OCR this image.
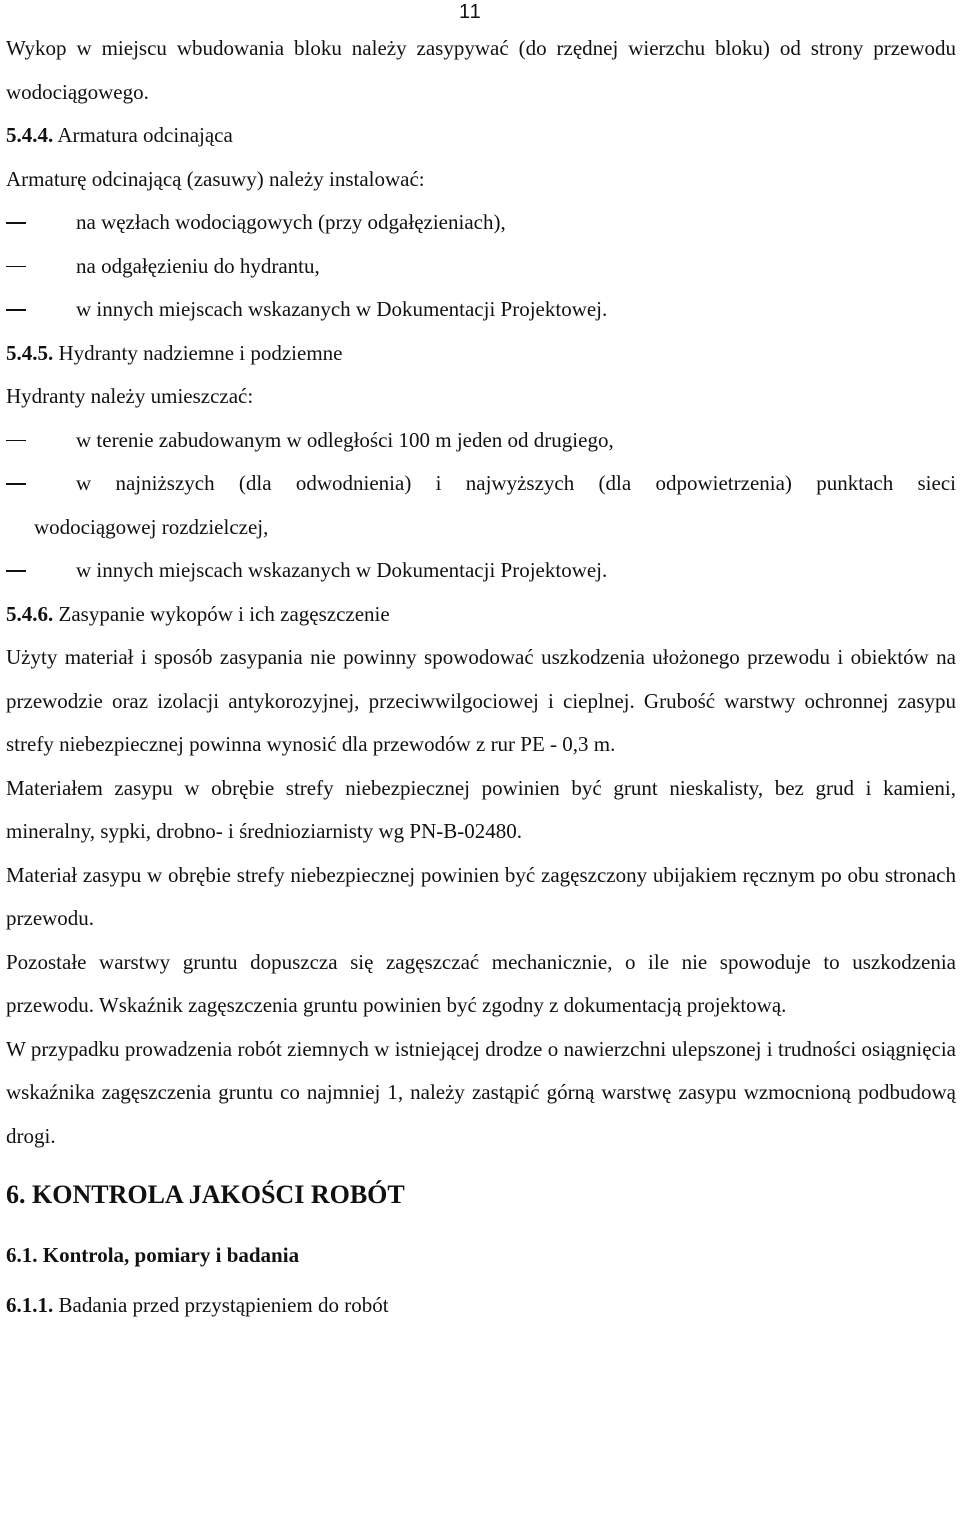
11

Wykop w miejscu wbudowania bloku należy zasypywać (do rzędnej wierzchu bloku) od strony przewodu wodociągowego.

5.4.4. Armatura odcinająca

Armaturę odcinającą (zasuwy) należy instalować:

na węzłach wodociągowych (przy odgałęzieniach),
na odgałęzieniu do hydrantu,
w innych miejscach wskazanych w Dokumentacji Projektowej.

5.4.5. Hydranty nadziemne i podziemne

Hydranty należy umieszczać:

w terenie zabudowanym w odległości 100 m jeden od drugiego,
w najniższych (dla odwodnienia) i najwyższych (dla odpowietrzenia) punktach sieci
wodociągowej rozdzielczej,
w innych miejscach wskazanych w Dokumentacji Projektowej.

5.4.6. Zasypanie wykopów i ich zagęszczenie

Użyty materiał i sposób zasypania nie powinny spowodować uszkodzenia ułożonego przewodu i obiektów na przewodzie oraz izolacji antykorozyjnej, przeciwwilgociowej i cieplnej. Grubość warstwy ochronnej zasypu strefy niebezpiecznej powinna wynosić dla przewodów z rur PE - 0,3 m.

Materiałem zasypu w obrębie strefy niebezpiecznej powinien być grunt nieskalisty, bez grud i kamieni, mineralny, sypki, drobno- i średnioziarnisty wg PN-B-02480.

Materiał zasypu w obrębie strefy niebezpiecznej powinien być zagęszczony ubijakiem ręcznym po obu stronach przewodu.

Pozostałe warstwy gruntu dopuszcza się zagęszczać mechanicznie, o ile nie spowoduje to uszkodzenia przewodu. Wskaźnik zagęszczenia gruntu powinien być zgodny z dokumentacją projektową.

W przypadku prowadzenia robót ziemnych w istniejącej drodze o nawierzchni ulepszonej i trudności osiągnięcia wskaźnika zagęszczenia gruntu co najmniej 1, należy zastąpić górną warstwę zasypu wzmocnioną podbudową drogi.

6. KONTROLA JAKOŚCI ROBÓT

6.1. Kontrola, pomiary i badania

6.1.1. Badania przed przystąpieniem do robót
